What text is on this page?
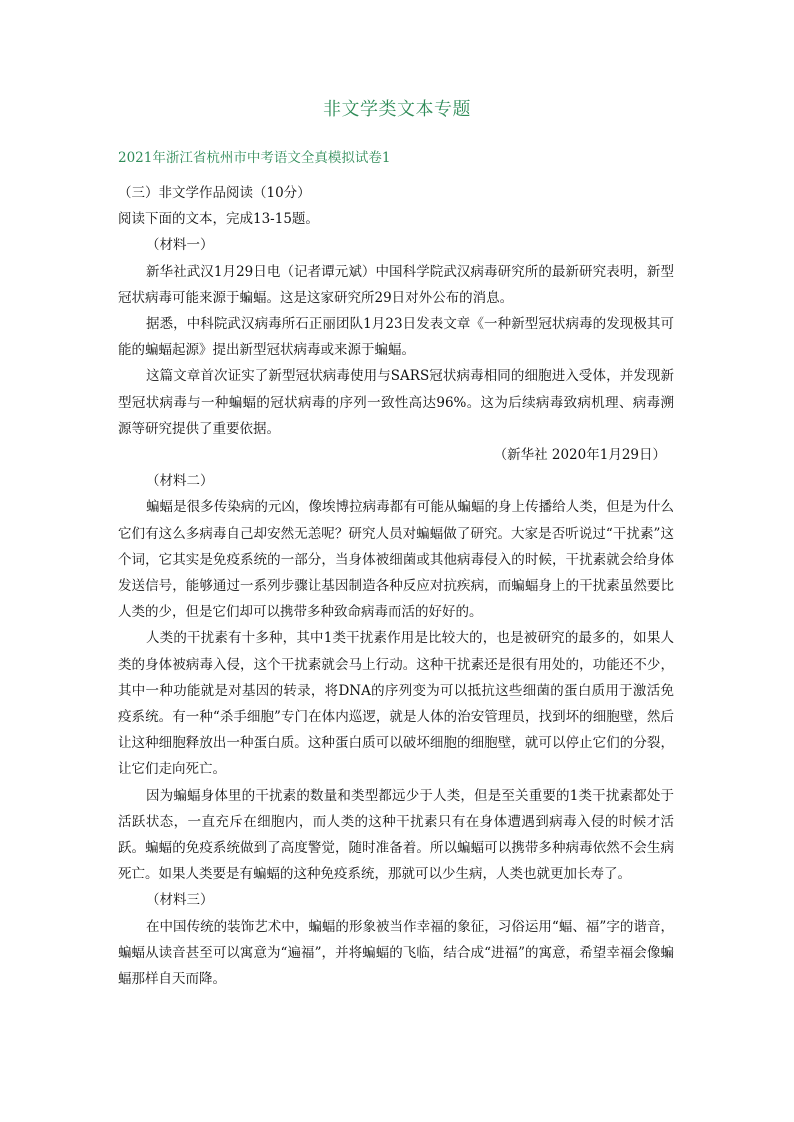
非文学类文本专题
2021年浙江省杭州市中考语文全真模拟试卷1

（三）非文学作品阅读（10分）

阅读下面的文本，完成13-15题。

（材料一）

新华社武汉1月29日电（记者谭元斌）中国科学院武汉病毒研究所的最新研究表明，新型冠状病毒可能来源于蝙蝠。这是这家研究所29日对外公布的消息。

据悉，中科院武汉病毒所石正丽团队1月23日发表文章《一种新型冠状病毒的发现极其可能的蝙蝠起源》提出新型冠状病毒或来源于蝙蝠。

这篇文章首次证实了新型冠状病毒使用与SARS冠状病毒相同的细胞进入受体，并发现新型冠状病毒与一种蝙蝠的冠状病毒的序列一致性高达96%。这为后续病毒致病机理、病毒溯源等研究提供了重要依据。

（新华社 2020年1月29日）

（材料二）

蝙蝠是很多传染病的元凶，像埃博拉病毒都有可能从蝙蝠的身上传播给人类，但是为什么它们有这么多病毒自己却安然无恙呢？研究人员对蝙蝠做了研究。大家是否听说过“干扰素”这个词，它其实是免疫系统的一部分，当身体被细菌或其他病毒侵入的时候，干扰素就会给身体发送信号，能够通过一系列步骤让基因制造各种反应对抗疾病，而蝙蝠身上的干扰素虽然要比人类的少，但是它们却可以携带多种致命病毒而活的好好的。

人类的干扰素有十多种，其中1类干扰素作用是比较大的，也是被研究的最多的，如果人类的身体被病毒入侵，这个干扰素就会马上行动。这种干扰素还是很有用处的，功能还不少，其中一种功能就是对基因的转录，将DNA的序列变为可以抵抗这些细菌的蛋白质用于激活免疫系统。有一种“杀手细胞”专门在体内巡逻，就是人体的治安管理员，找到坏的细胞壁，然后让这种细胞释放出一种蛋白质。这种蛋白质可以破坏细胞的细胞壁，就可以停止它们的分裂，让它们走向死亡。

因为蝙蝠身体里的干扰素的数量和类型都远少于人类，但是至关重要的1类干扰素都处于活跃状态，一直充斥在细胞内，而人类的这种干扰素只有在身体遭遇到病毒入侵的时候才活跃。蝙蝠的免疫系统做到了高度警觉，随时准备着。所以蝙蝠可以携带多种病毒依然不会生病死亡。如果人类要是有蝙蝠的这种免疫系统，那就可以少生病，人类也就更加长寿了。

（材料三）

在中国传统的装饰艺术中，蝙蝠的形象被当作幸福的象征，习俗运用“蝠、福”字的谐音，蝙蝠从读音甚至可以寓意为“遍福”，并将蝙蝠的飞临，结合成“进福”的寓意，希望幸福会像蝙蝠那样自天而降。
